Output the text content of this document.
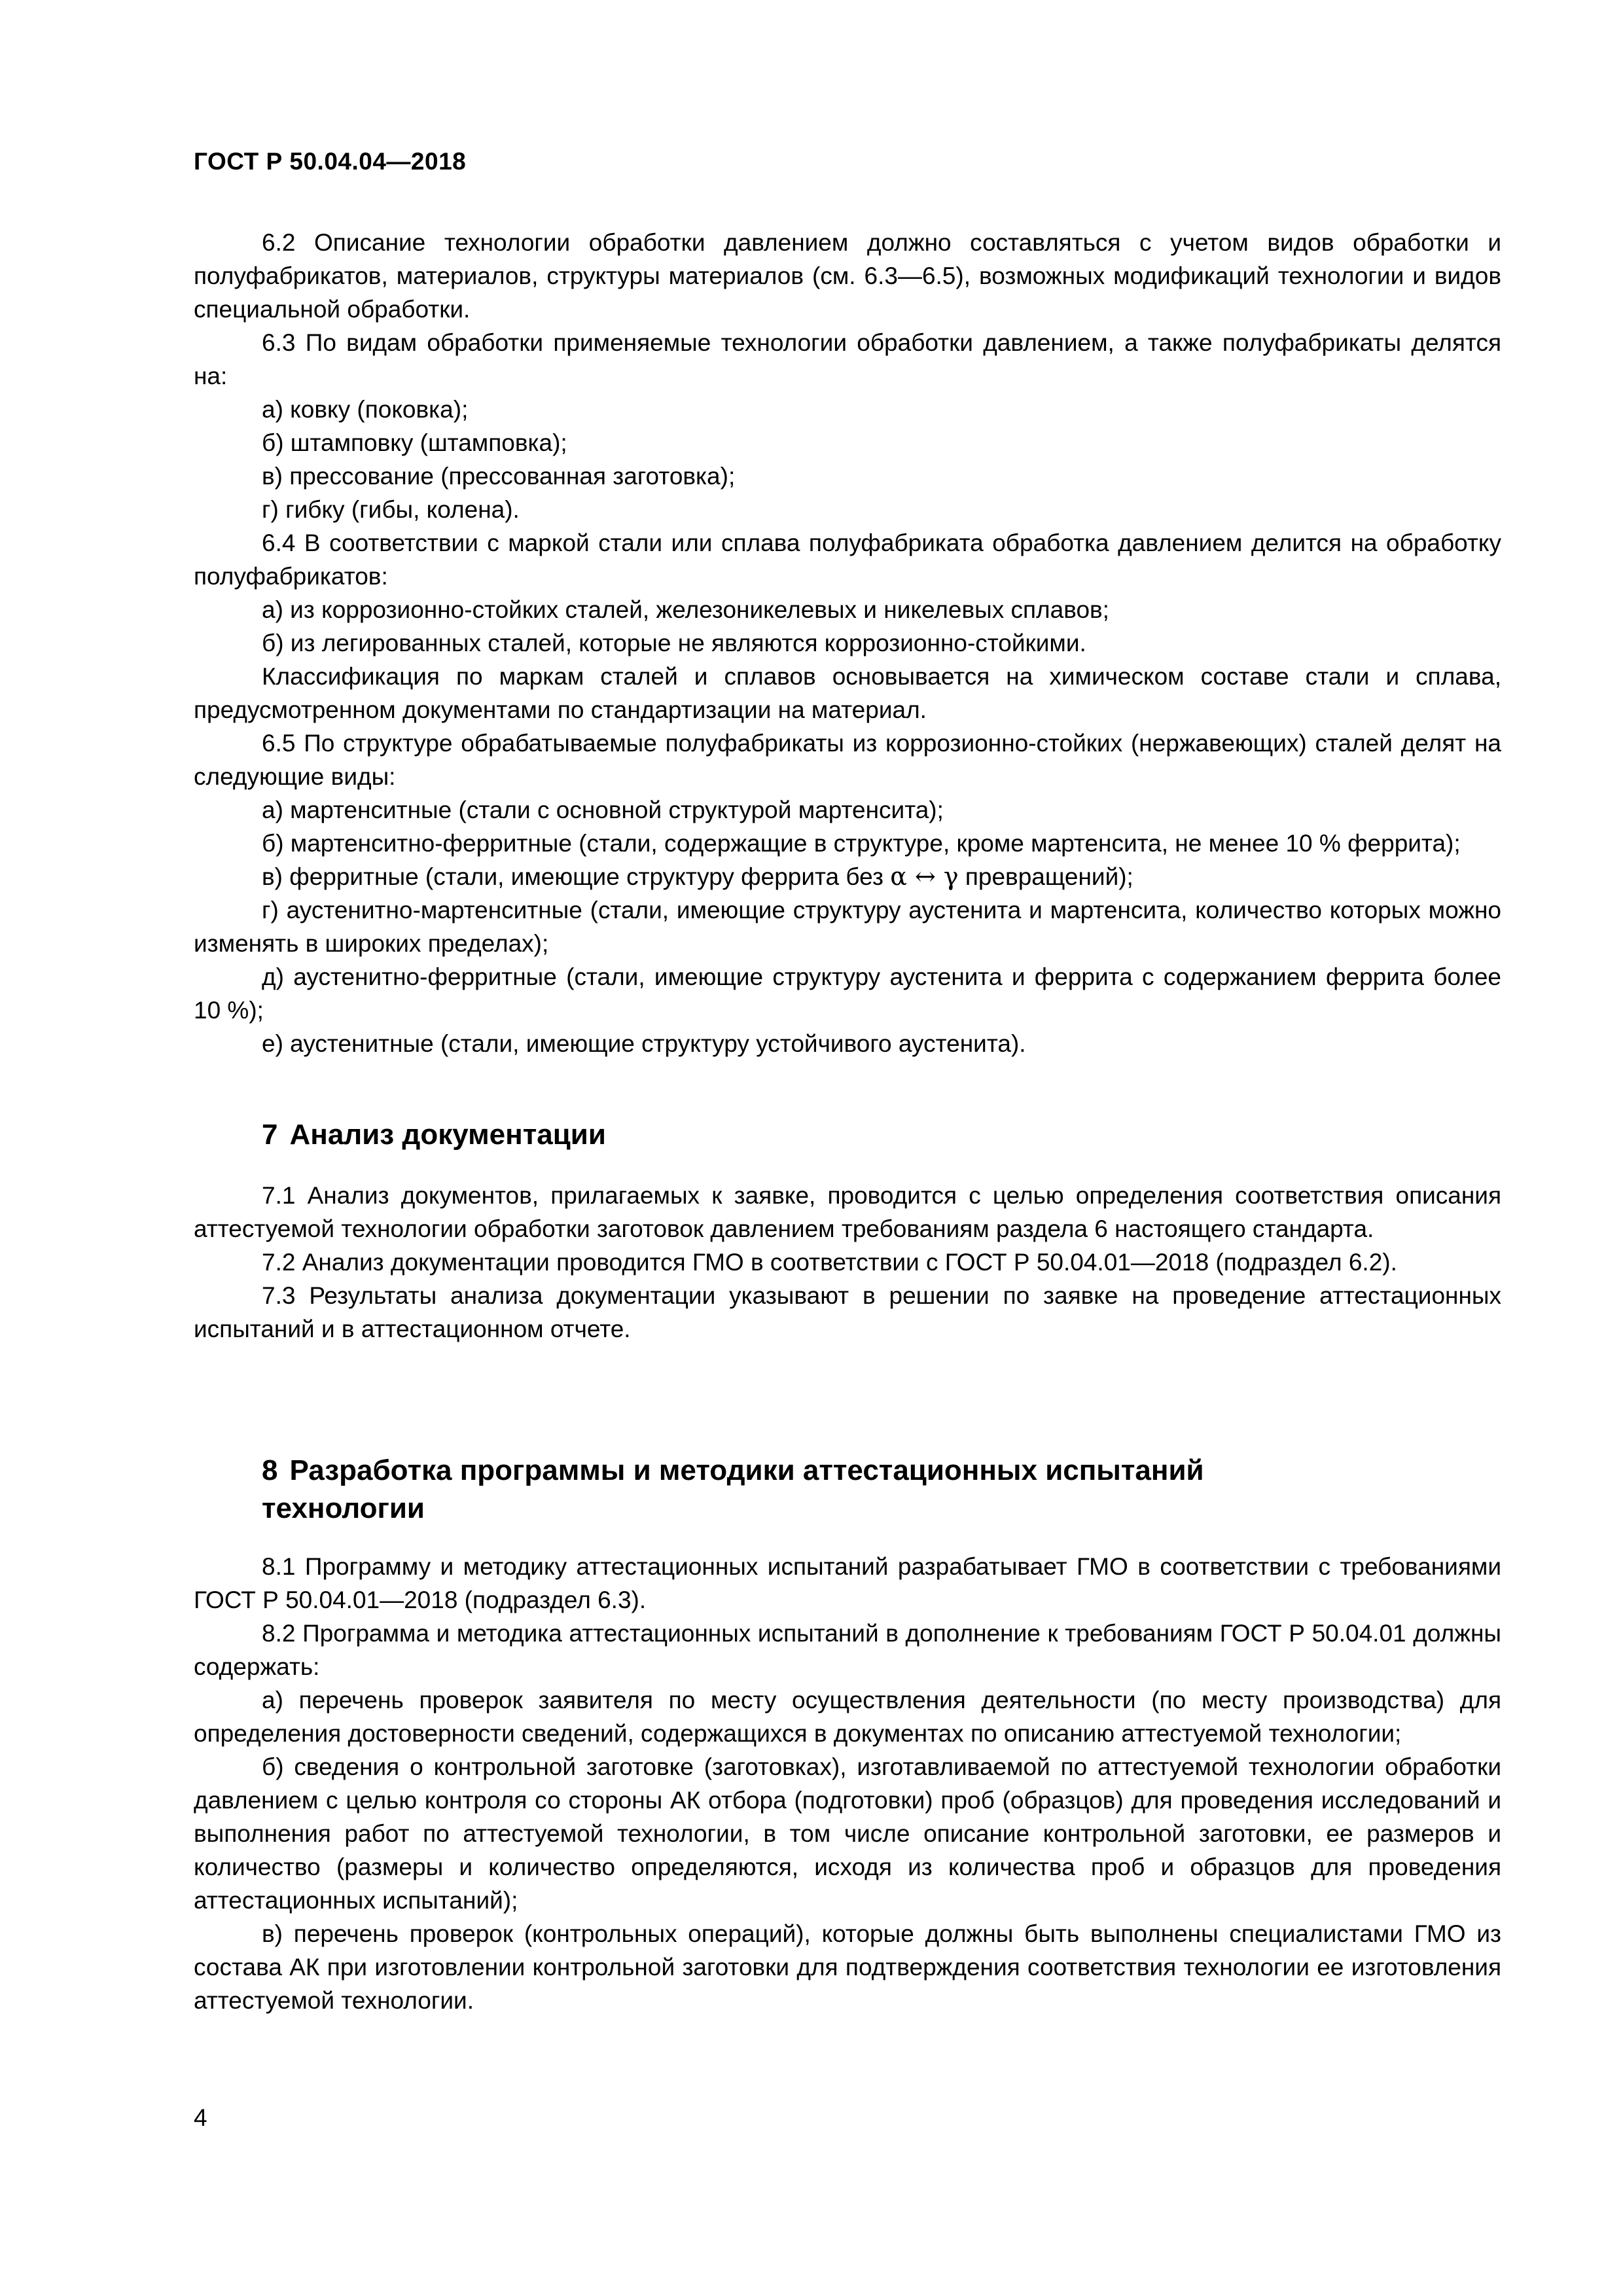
ГОСТ Р 50.04.04—2018

6.2 Описание технологии обработки давлением должно составляться с учетом видов обработки и полуфабрикатов, материалов, структуры материалов (см. 6.3—6.5), возможных модификаций технологии и видов специальной обработки.

6.3 По видам обработки применяемые технологии обработки давлением, а также полуфабрикаты делятся на:

а) ковку (поковка);

б) штамповку (штамповка);

в) прессование (прессованная заготовка);

г) гибку (гибы, колена).

6.4 В соответствии с маркой стали или сплава полуфабриката обработка давлением делится на обработку полуфабрикатов:

а) из коррозионно-стойких сталей, железоникелевых и никелевых сплавов;

б) из легированных сталей, которые не являются коррозионно-стойкими.

Классификация по маркам сталей и сплавов основывается на химическом составе стали и сплава, предусмотренном документами по стандартизации на материал.

6.5 По структуре обрабатываемые полуфабрикаты из коррозионно-стойких (нержавеющих) сталей делят на следующие виды:

а) мартенситные (стали с основной структурой мартенсита);

б) мартенситно-ферритные (стали, содержащие в структуре, кроме мартенсита, не менее 10 % феррита);

в) ферритные (стали, имеющие структуру феррита без α ↔ γ превращений);

г) аустенитно-мартенситные (стали, имеющие структуру аустенита и мартенсита, количество которых можно изменять в широких пределах);

д) аустенитно-ферритные (стали, имеющие структуру аустенита и феррита с содержанием феррита более 10 %);

е) аустенитные (стали, имеющие структуру устойчивого аустенита).

7 Анализ документации

7.1 Анализ документов, прилагаемых к заявке, проводится с целью определения соответствия описания аттестуемой технологии обработки заготовок давлением требованиям раздела 6 настоящего стандарта.

7.2 Анализ документации проводится ГМО в соответствии с ГОСТ Р 50.04.01—2018 (подраздел 6.2).

7.3 Результаты анализа документации указывают в решении по заявке на проведение аттестационных испытаний и в аттестационном отчете.

8 Разработка программы и методики аттестационных испытаний
технологии

8.1 Программу и методику аттестационных испытаний разрабатывает ГМО в соответствии с требованиями ГОСТ Р 50.04.01—2018 (подраздел 6.3).

8.2 Программа и методика аттестационных испытаний в дополнение к требованиям ГОСТ Р 50.04.01 должны содержать:

а) перечень проверок заявителя по месту осуществления деятельности (по месту производства) для определения достоверности сведений, содержащихся в документах по описанию аттестуемой технологии;

б) сведения о контрольной заготовке (заготовках), изготавливаемой по аттестуемой технологии обработки давлением с целью контроля со стороны АК отбора (подготовки) проб (образцов) для проведения исследований и выполнения работ по аттестуемой технологии, в том числе описание контрольной заготовки, ее размеров и количество (размеры и количество определяются, исходя из количества проб и образцов для проведения аттестационных испытаний);

в) перечень проверок (контрольных операций), которые должны быть выполнены специалистами ГМО из состава АК при изготовлении контрольной заготовки для подтверждения соответствия технологии ее изготовления аттестуемой технологии.

4
